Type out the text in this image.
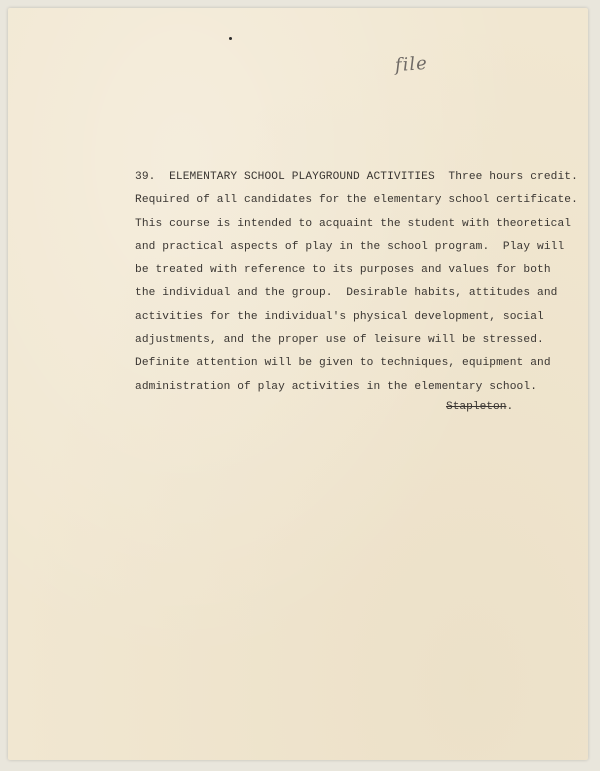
file
39.  ELEMENTARY SCHOOL PLAYGROUND ACTIVITIES  Three hours credit.
Required of all candidates for the elementary school certificate.
This course is intended to acquaint the student with theoretical
and practical aspects of play in the school program.  Play will
be treated with reference to its purposes and values for both
the individual and the group.  Desirable habits, attitudes and
activities for the individual's physical development, social
adjustments, and the proper use of leisure will be stressed.
Definite attention will be given to techniques, equipment and
administration of play activities in the elementary school.
Stapleton.
